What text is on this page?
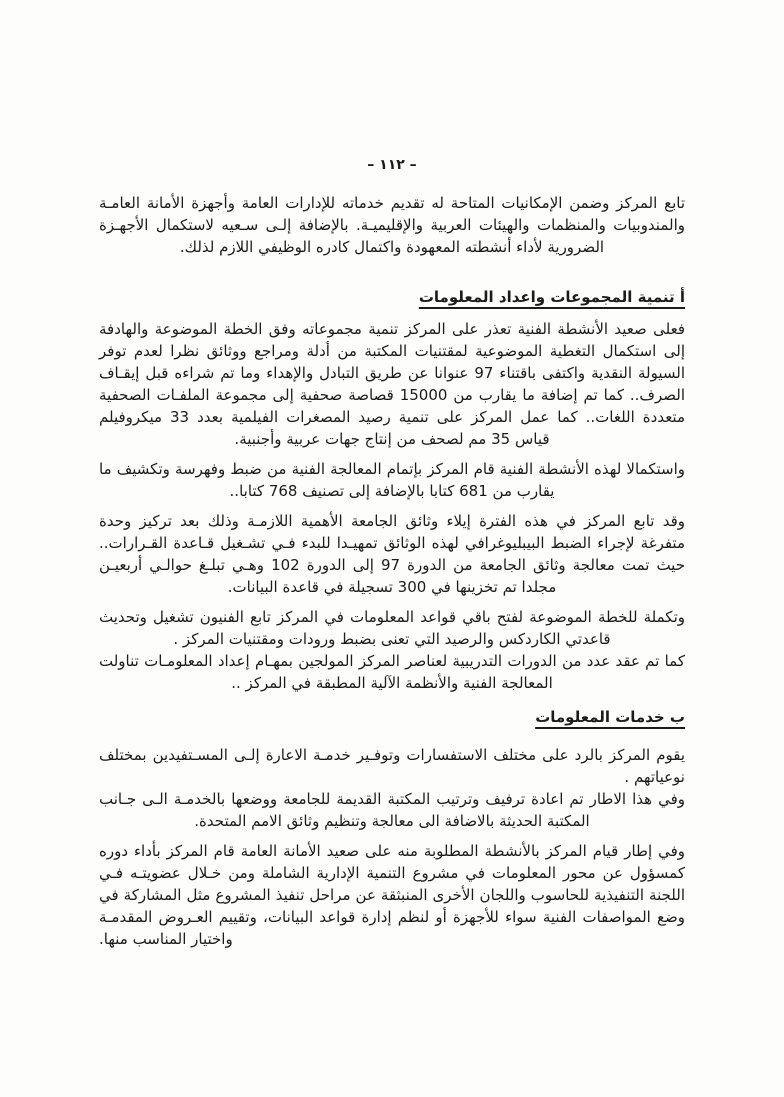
– ١١٢ –

تابع المركز وضمن الإمكانيات المتاحة له تقديم خدماته للإدارات العامة وأجهزة الأمانة العامـة والمندوبيات والمنظمات والهيئات العربية والإقليميـة. بالإضافة إلـى سـعيه لاستكمال الأجهـزة الضرورية لأداء أنشطته المعهودة واكتمال كادره الوظيفي اللازم لذلك.

أ تنمية المجموعات واعداد المعلومات

فعلى صعيد الأنشطة الفنية تعذر على المركز تنمية مجموعاته وفق الخطة الموضوعة والهادفة إلى استكمال التغطية الموضوعية لمقتنيات المكتبة من أدلة ومراجع ووثائق نظرا لعدم توفر السيولة النقدية واكتفى باقتناء 97 عنوانا عن طريق التبادل والإهداء وما تم شراءه قبل إيقـاف الصرف.. كما تم إضافة ما يقارب من 15000 قصاصة صحفية إلى مجموعة الملفـات الصحفية متعددة اللغات.. كما عمل المركز على تنمية رصيد المصغرات الفيلمية بعدد 33 ميكروفيلم قياس 35 مم لصحف من إنتاج جهات عربية وأجنبية.

واستكمالا لهذه الأنشطة الفنية قام المركز بإتمام المعالجة الفنية من ضبط وفهرسة وتكشيف ما يقارب من 681 كتابا بالإضافة إلى تصنيف 768 كتابا..

وقد تابع المركز في هذه الفترة إيلاء وثائق الجامعة الأهمية اللازمـة وذلك بعد تركيز وحدة متفرغة لإجراء الضبط البيبليوغرافي لهذه الوثائق تمهيـدا للبدء فـي تشـغيل قـاعدة القـرارات.. حيث تمت معالجة وثائق الجامعة من الدورة 97 إلى الدورة 102 وهـي تبلـغ حوالـي أربعيـن مجلدا تم تخزينها في 300 تسجيلة في قاعدة البيانات.

وتكملة للخطة الموضوعة لفتح باقي قواعد المعلومات في المركز تابع الفنيون تشغيل وتحديث قاعدتي الكاردكس والرصيد التي تعنى بضبط ورودات ومقتنيات المركز .

كما تم عقد عدد من الدورات التدريبية لعناصر المركز المولجين بمهـام إعداد المعلومـات تناولت المعالجة الفنية والأنظمة الآلية المطبقة في المركز ..

ب خدمات المعلومات

يقوم المركز بالرد على مختلف الاستفسارات وتوفـير خدمـة الاعارة إلـى المسـتفيدين بمختلف نوعياتهم .

وفي هذا الاطار تم اعادة ترفيف وترتيب المكتبة القديمة للجامعة ووضعها بالخدمـة الـى جـانب المكتبة الحديثة بالاضافة الى معالجة وتنظيم وثائق الامم المتحدة.

وفي إطار قيام المركز بالأنشطة المطلوبة منه على صعيد الأمانة العامة قام المركز بأداء دوره كمسؤول عن محور المعلومات في مشروع التنمية الإدارية الشاملة ومن خـلال عضويتـه فـي اللجنة التنفيذية للحاسوب واللجان الأخرى المنبثقة عن مراحل تنفيذ المشروع مثل المشاركة في وضع المواصفات الفنية سواء للأجهزة أو لنظم إدارة قواعد البيانات، وتقييم العـروض المقدمـة واختيار المناسب منها.
